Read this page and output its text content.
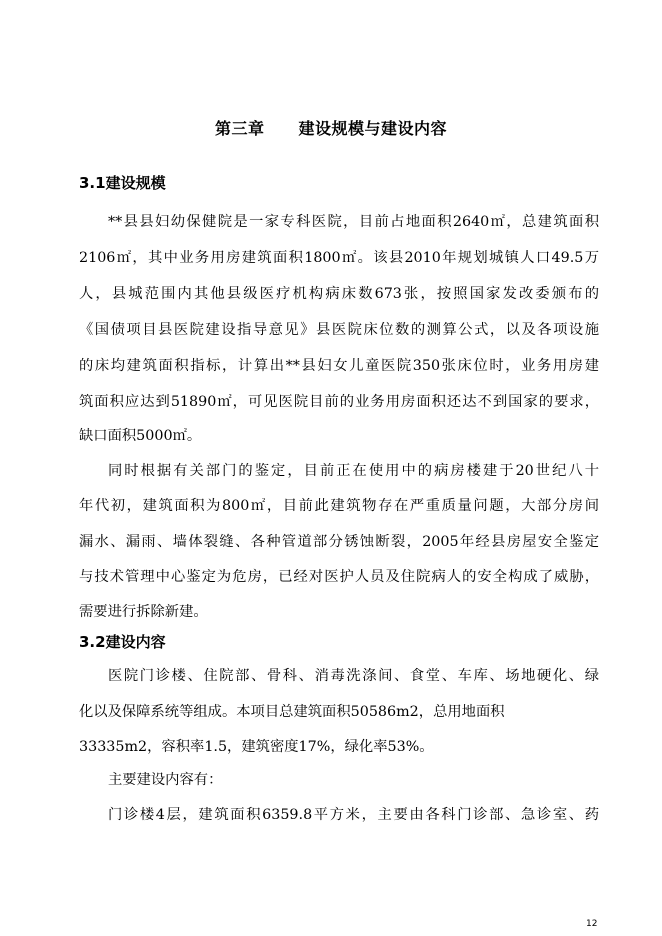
第三章 建设规模与建设内容
3.1建设规模
**县县妇幼保健院是一家专科医院，目前占地面积2640㎡，总建筑面积
2106㎡，其中业务用房建筑面积1800㎡。该县2010年规划城镇人口49.5万
人，县城范围内其他县级医疗机构病床数673张，按照国家发改委颁布的
《国债项目县医院建设指导意见》县医院床位数的测算公式，以及各项设施
的床均建筑面积指标，计算出**县妇女儿童医院350张床位时，业务用房建
筑面积应达到51890㎡，可见医院目前的业务用房面积还达不到国家的要求，
缺口面积5000㎡。
同时根据有关部门的鉴定，目前正在使用中的病房楼建于20世纪八十
年代初，建筑面积为800㎡，目前此建筑物存在严重质量问题，大部分房间
漏水、漏雨、墙体裂缝、各种管道部分锈蚀断裂，2005年经县房屋安全鉴定
与技术管理中心鉴定为危房，已经对医护人员及住院病人的安全构成了威胁，
需要进行拆除新建。
3.2建设内容
医院门诊楼、住院部、骨科、消毒洗涤间、食堂、车库、场地硬化、绿
化以及保障系统等组成。本项目总建筑面积50586m2，总用地面积
33335m2，容积率1.5，建筑密度17%，绿化率53%。
主要建设内容有：
门诊楼4层，建筑面积6359.8平方米，主要由各科门诊部、急诊室、药
12
